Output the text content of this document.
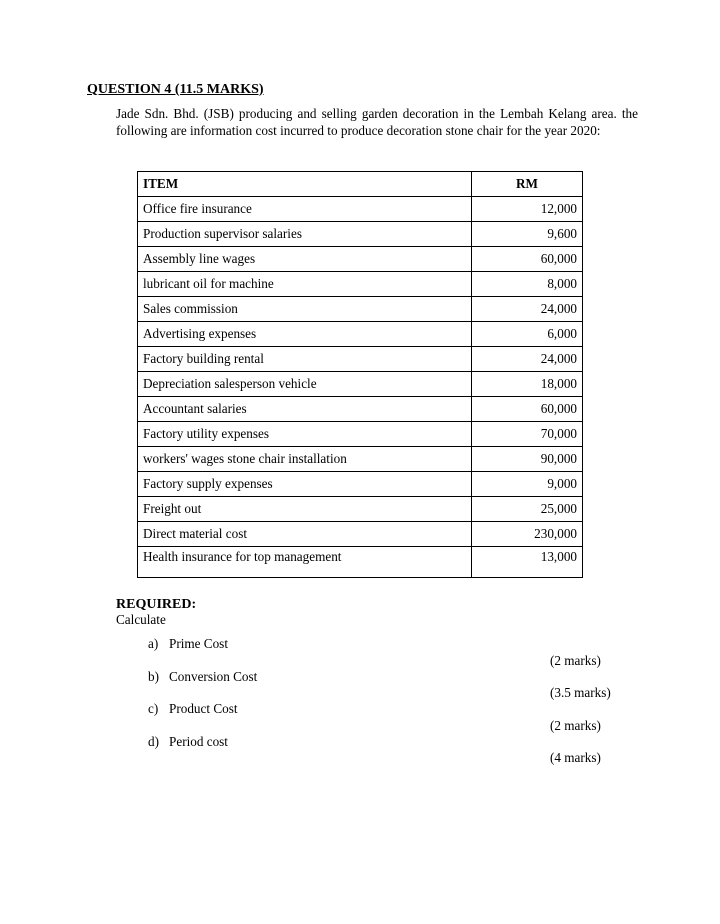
QUESTION 4 (11.5 MARKS)
Jade Sdn. Bhd. (JSB) producing and selling garden decoration in the Lembah Kelang area. the following are information cost incurred to produce decoration stone chair for the year 2020:
ITEM	RM
Office fire insurance	12,000
Production supervisor salaries	9,600
Assembly line wages	60,000
lubricant oil for machine	8,000
Sales commission	24,000
Advertising expenses	6,000
Factory building rental	24,000
Depreciation salesperson vehicle	18,000
Accountant salaries	60,000
Factory utility expenses	70,000
workers' wages stone chair installation	90,000
Factory supply expenses	9,000
Freight out	25,000
Direct material cost	230,000
Health insurance for top management	13,000
REQUIRED:
Calculate
a) Prime Cost
(2 marks)
b) Conversion Cost
(3.5 marks)
c) Product Cost
(2 marks)
d) Period cost
(4 marks)
